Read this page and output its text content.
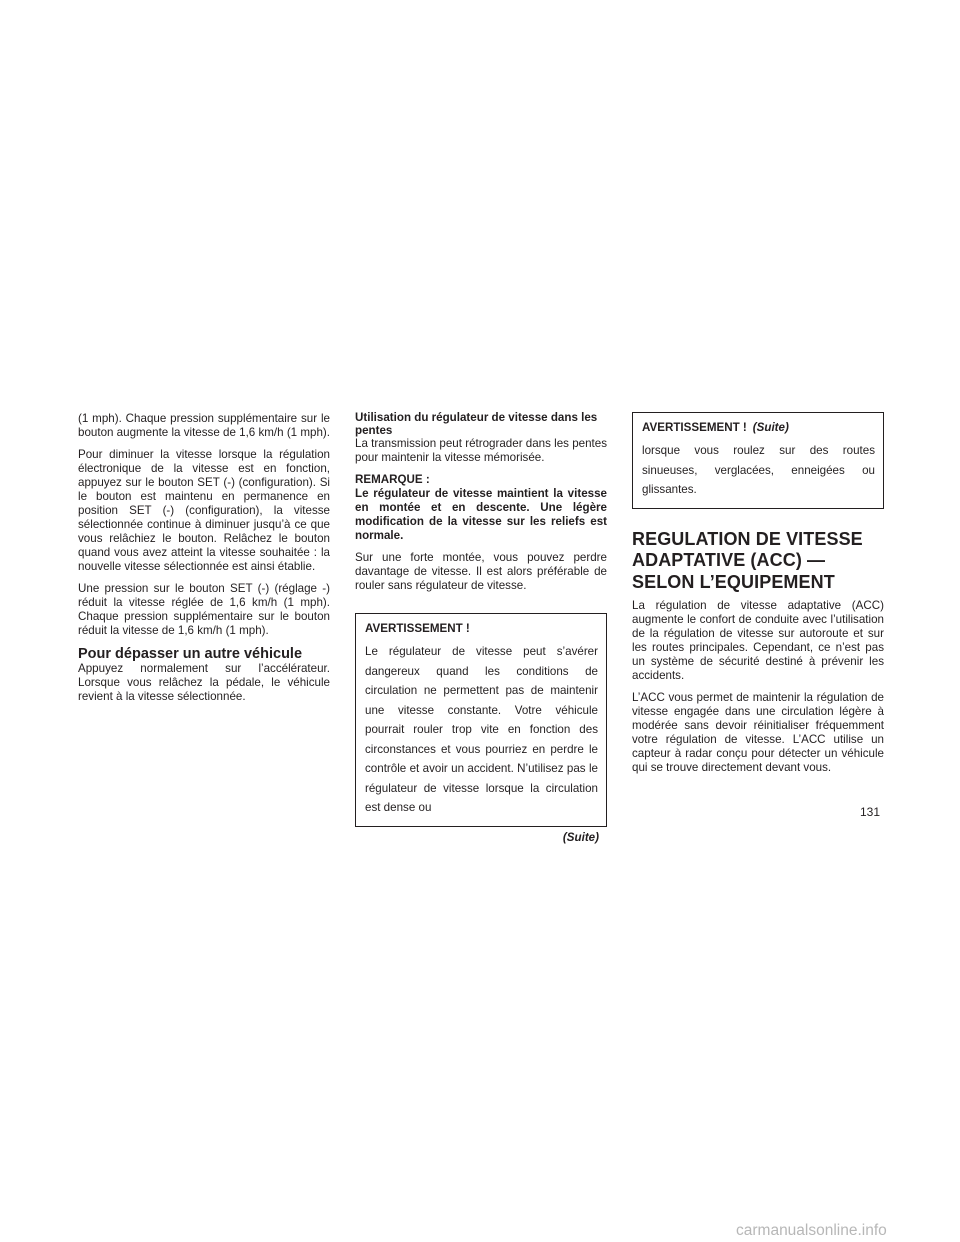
(1 mph). Chaque pression supplémentaire sur le bouton augmente la vitesse de 1,6 km/h (1 mph).

Pour diminuer la vitesse lorsque la régulation électronique de la vitesse est en fonction, appuyez sur le bouton SET (-) (configuration). Si le bouton est maintenu en permanence en position SET (-) (configuration), la vitesse sélectionnée continue à diminuer jusqu’à ce que vous relâchiez le bouton. Relâchez le bouton quand vous avez atteint la vitesse souhaitée : la nouvelle vitesse sélectionnée est ainsi établie.

Une pression sur le bouton SET (-) (réglage -) réduit la vitesse réglée de 1,6 km/h (1 mph). Chaque pression supplémentaire sur le bouton réduit la vitesse de 1,6 km/h (1 mph).

Pour dépasser un autre véhicule

Appuyez normalement sur l’accélérateur. Lorsque vous relâchez la pédale, le véhicule revient à la vitesse sélectionnée.

Utilisation du régulateur de vitesse dans les pentes

La transmission peut rétrograder dans les pentes pour maintenir la vitesse mémorisée.

REMARQUE :

Le régulateur de vitesse maintient la vitesse en montée et en descente. Une légère modification de la vitesse sur les reliefs est normale.

Sur une forte montée, vous pouvez perdre davantage de vitesse. Il est alors préférable de rouler sans régulateur de vitesse.

AVERTISSEMENT !

Le régulateur de vitesse peut s’avérer dangereux quand les conditions de circulation ne permettent pas de maintenir une vitesse constante. Votre véhicule pourrait rouler trop vite en fonction des circonstances et vous pourriez en perdre le contrôle et avoir un accident. N’utilisez pas le régulateur de vitesse lorsque la circulation est dense ou

(Suite)
AVERTISSEMENT ! (Suite)

lorsque vous roulez sur des routes sinueuses, verglacées, enneigées ou glissantes.

REGULATION DE VITESSE ADAPTATIVE (ACC) — SELON L’EQUIPEMENT

La régulation de vitesse adaptative (ACC) augmente le confort de conduite avec l’utilisation de la régulation de vitesse sur autoroute et sur les routes principales. Cependant, ce n’est pas un système de sécurité destiné à prévenir les accidents.

L’ACC vous permet de maintenir la régulation de vitesse engagée dans une circulation légère à modérée sans devoir réinitialiser fréquemment votre régulation de vitesse. L’ACC utilise un capteur à radar conçu pour détecter un véhicule qui se trouve directement devant vous.

131
carmanualsonline.info
